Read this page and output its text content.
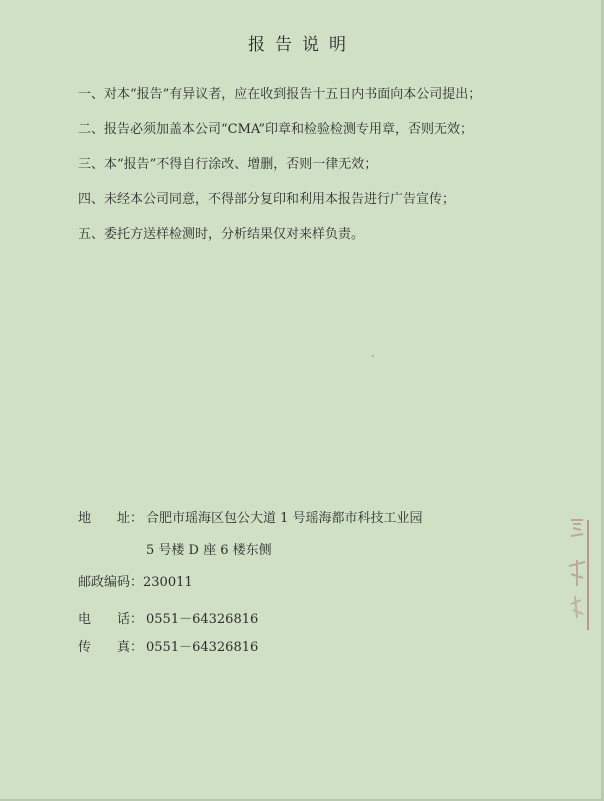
报告说明
一、对本“报告”有异议者，应在收到报告十五日内书面向本公司提出；
二、报告必须加盖本公司“CMA”印章和检验检测专用章，否则无效；
三、本“报告”不得自行涂改、增删，否则一律无效；
四、未经本公司同意，不得部分复印和利用本报告进行广告宣传；
五、委托方送样检测时，分析结果仅对来样负责。
地　　址： 合肥市瑶海区包公大道 1 号瑶海都市科技工业园
5 号楼 D 座 6 楼东侧
邮政编码：230011
电　　话： 0551－64326816
传　　真： 0551－64326816
